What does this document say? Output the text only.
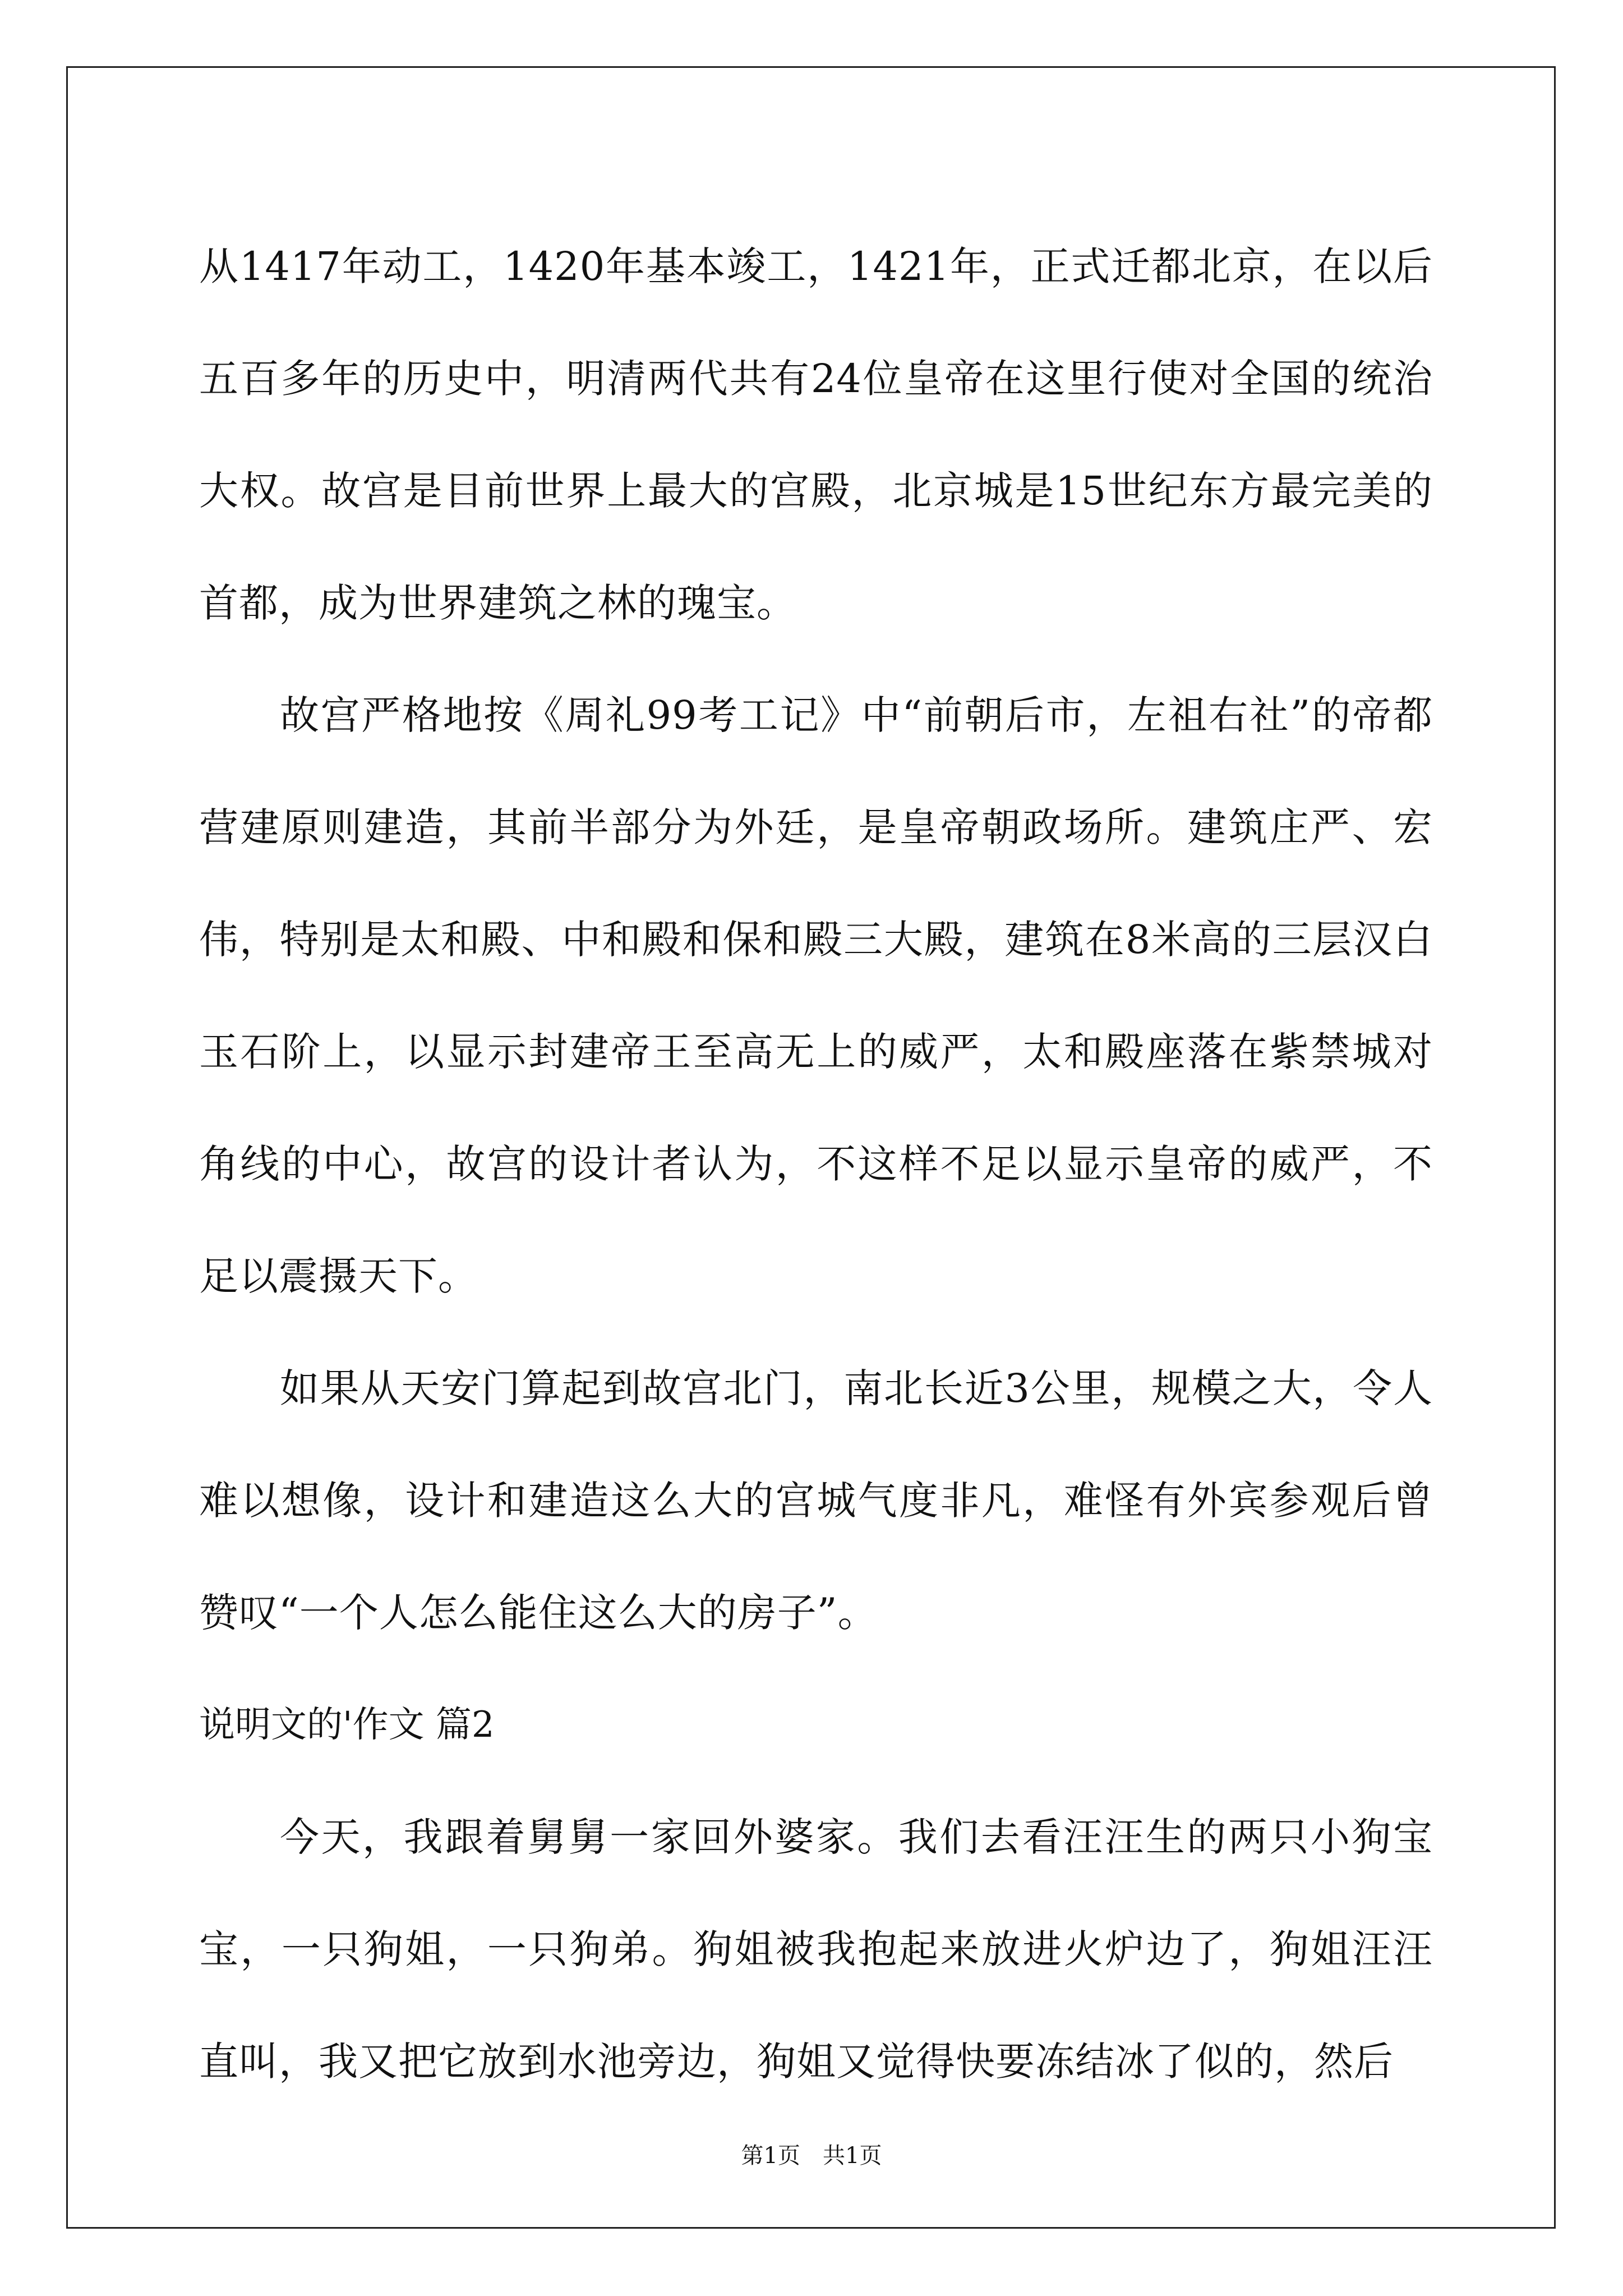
从1417年动工，1420年基本竣工，1421年，正式迁都北京，在以后五百多年的历史中，明清两代共有24位皇帝在这里行使对全国的统治大权。故宫是目前世界上最大的宫殿，北京城是15世纪东方最完美的首都，成为世界建筑之林的瑰宝。

故宫严格地按《周礼99考工记》中“前朝后市，左祖右社”的帝都营建原则建造，其前半部分为外廷，是皇帝朝政场所。建筑庄严、宏伟，特别是太和殿、中和殿和保和殿三大殿，建筑在8米高的三层汉白玉石阶上，以显示封建帝王至高无上的威严，太和殿座落在紫禁城对角线的中心，故宫的设计者认为，不这样不足以显示皇帝的威严，不足以震摄天下。

如果从天安门算起到故宫北门，南北长近3公里，规模之大，令人难以想像，设计和建造这么大的宫城气度非凡，难怪有外宾参观后曾赞叹“一个人怎么能住这么大的房子”。

说明文的'作文 篇2

今天，我跟着舅舅一家回外婆家。我们去看汪汪生的两只小狗宝宝，一只狗姐，一只狗弟。狗姐被我抱起来放进火炉边了，狗姐汪汪直叫，我又把它放到水池旁边，狗姐又觉得快要冻结冰了似的，然后

第1页 共1页
